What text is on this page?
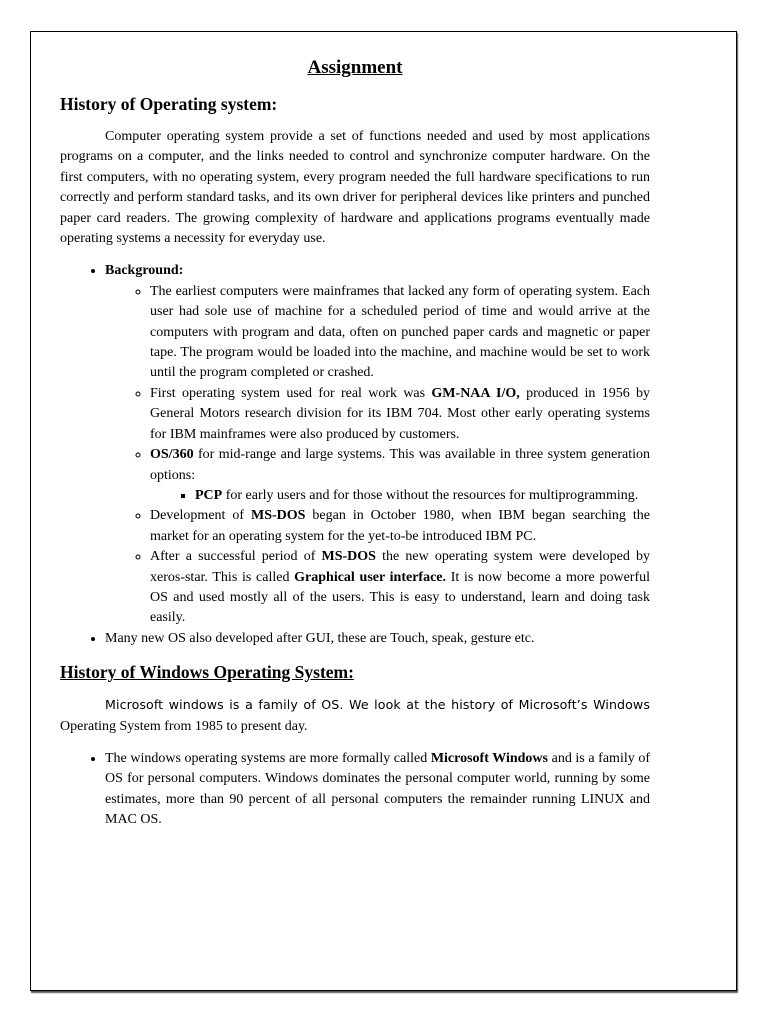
Assignment
History of Operating system:

Computer operating system provide a set of functions needed and used by most applications programs on a computer, and the links needed to control and synchronize computer hardware. On the first computers, with no operating system, every program needed the full hardware specifications to run correctly and perform standard tasks, and its own driver for peripheral devices like printers and punched paper card readers. The growing complexity of hardware and applications programs eventually made operating systems a necessity for everyday use.

• Background:
◦ The earliest computers were mainframes that lacked any form of operating system. Each user had sole use of machine for a scheduled period of time and would arrive at the computers with program and data, often on punched paper cards and magnetic or paper tape. The program would be loaded into the machine, and machine would be set to work until the program completed or crashed.
◦ First operating system used for real work was GM-NAA I/O, produced in 1956 by General Motors research division for its IBM 704. Most other early operating systems for IBM mainframes were also produced by customers.
◦ OS/360 for mid-range and large systems. This was available in three system generation options:
▪ PCP for early users and for those without the resources for multiprogramming.
◦ Development of MS-DOS began in October 1980, when IBM began searching the market for an operating system for the yet-to-be introduced IBM PC.
◦ After a successful period of MS-DOS the new operating system were developed by xeros-star. This is called Graphical user interface. It is now become a more powerful OS and used mostly all of the users. This is easy to understand, learn and doing task easily.
• Many new OS also developed after GUI, these are Touch, speak, gesture etc.
History of Windows Operating System:

Microsoft windows is a family of OS. We look at the history of Microsoft’s Windows Operating System from 1985 to present day.

• The windows operating systems are more formally called Microsoft Windows and is a family of OS for personal computers. Windows dominates the personal computer world, running by some estimates, more than 90 percent of all personal computers the remainder running LINUX and MAC OS.
